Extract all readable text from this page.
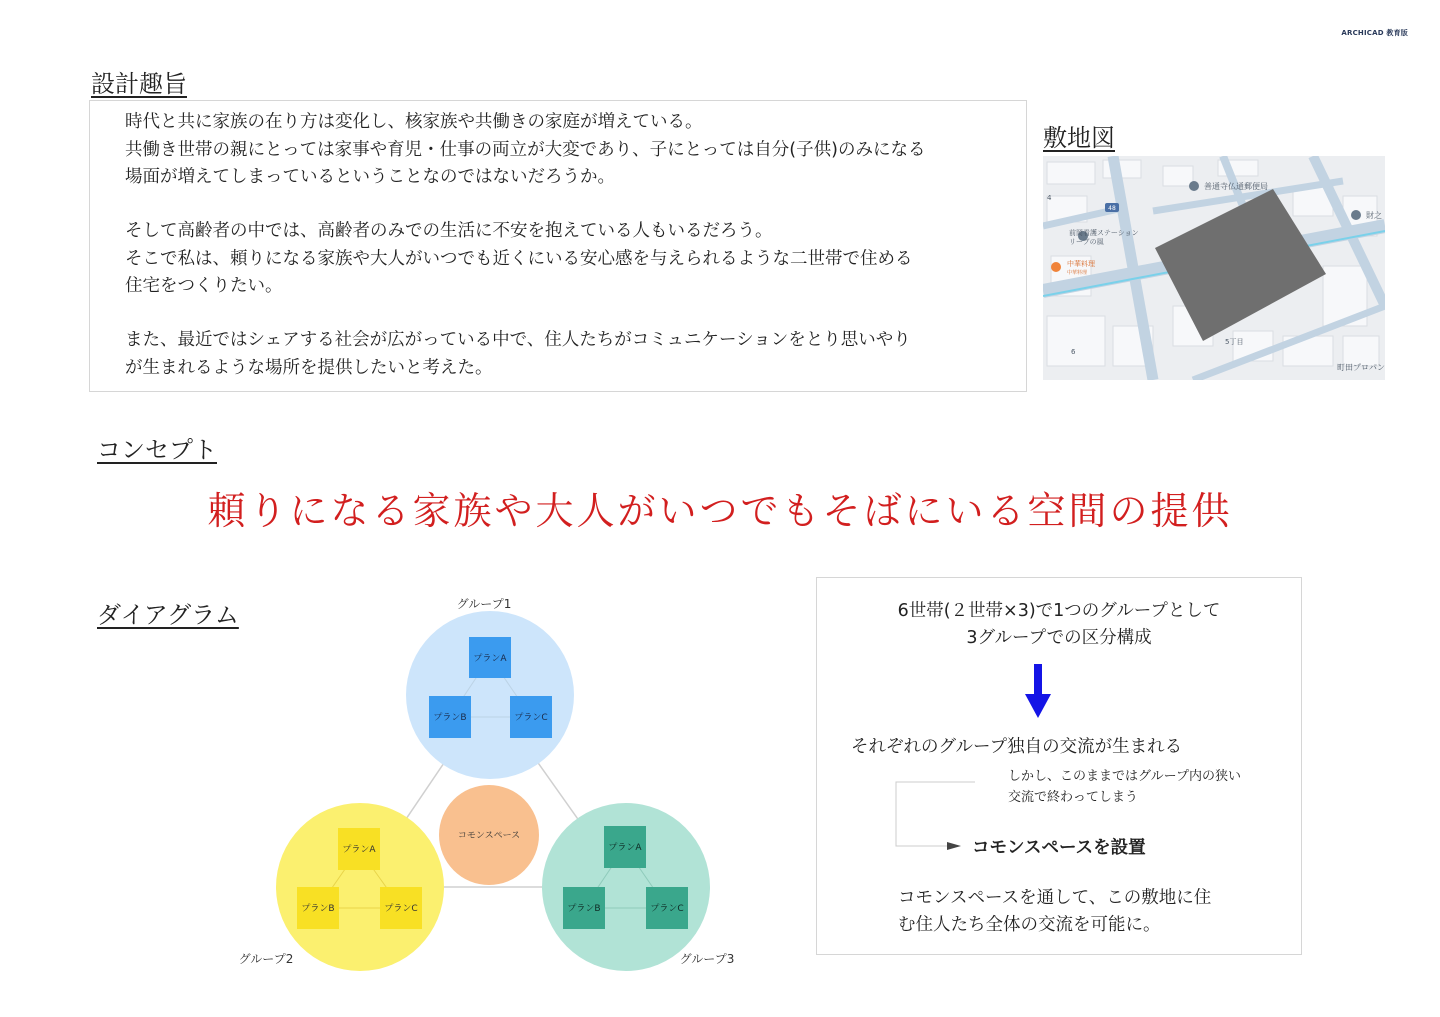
ARCHICAD 教育版
設計趣旨
時代と共に家族の在り方は変化し、核家族や共働きの家庭が増えている。
共働き世帯の親にとっては家事や育児・仕事の両立が大変であり、子にとっては自分(子供)のみになる
場面が増えてしまっているということなのではないだろうか。
そして高齢者の中では、高齢者のみでの生活に不安を抱えている人もいるだろう。
そこで私は、頼りになる家族や大人がいつでも近くにいる安心感を与えられるような二世帯で住める
住宅をつくりたい。
また、最近ではシェアする社会が広がっている中で、住人たちがコミュニケーションをとり思いやり
が生まれるような場所を提供したいと考えた。
敷地図
48
善通寺仏通郵便局
前岡看護ステーション
リーブの風
中華料理
中華料理
5丁目
6
4
財之
町田プロパン
コンセプト
頼りになる家族や大人がいつでもそばにいる空間の提供
ダイアグラム
コモンスペース
グループ1
プランA
プランB	プランC
グループ2
プランA
プランB	プランC
グループ3
プランA
プランB	プランC
6世帯(２世帯×3)で1つのグループとして
3グループでの区分構成
それぞれのグループ独自の交流が生まれる
しかし、このままではグループ内の狭い
交流で終わってしまう
コモンスペースを設置
コモンスペースを通して、この敷地に住
む住人たち全体の交流を可能に。
